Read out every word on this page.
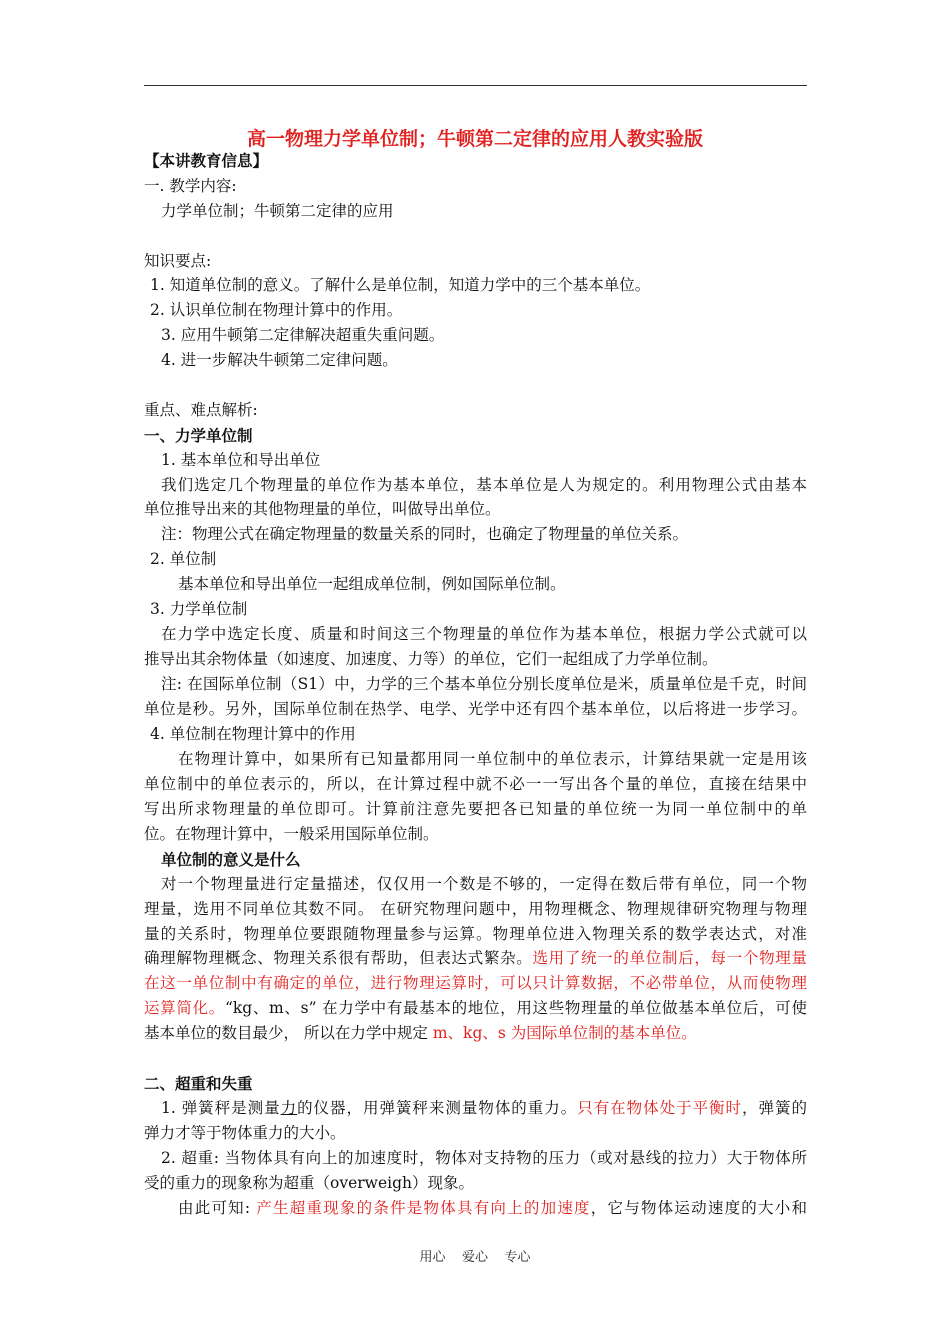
高一物理力学单位制；牛顿第二定律的应用人教实验版
【本讲教育信息】
一. 教学内容:
力学单位制；牛顿第二定律的应用
知识要点:
1. 知道单位制的意义。了解什么是单位制，知道力学中的三个基本单位。
2. 认识单位制在物理计算中的作用。
3. 应用牛顿第二定律解决超重失重问题。
4. 进一步解决牛顿第二定律问题。
重点、难点解析:
一、力学单位制
1. 基本单位和导出单位
我们选定几个物理量的单位作为基本单位，基本单位是人为规定的。利用物理公式由基本
单位推导出来的其他物理量的单位，叫做导出单位。
注：物理公式在确定物理量的数量关系的同时，也确定了物理量的单位关系。
2. 单位制
基本单位和导出单位一起组成单位制，例如国际单位制。
3. 力学单位制
在力学中选定长度、质量和时间这三个物理量的单位作为基本单位，根据力学公式就可以
推导出其余物体量（如速度、加速度、力等）的单位，它们一起组成了力学单位制。
注: 在国际单位制（S1）中，力学的三个基本单位分别长度单位是米，质量单位是千克，时间
单位是秒。另外，国际单位制在热学、电学、光学中还有四个基本单位，以后将进一步学习。
4. 单位制在物理计算中的作用
在物理计算中，如果所有已知量都用同一单位制中的单位表示，计算结果就一定是用该
单位制中的单位表示的，所以，在计算过程中就不必一一写出各个量的单位，直接在结果中
写出所求物理量的单位即可。计算前注意先要把各已知量的单位统一为同一单位制中的单
位。在物理计算中，一般采用国际单位制。
单位制的意义是什么
对一个物理量进行定量描述，仅仅用一个数是不够的，一定得在数后带有单位，同一个物
理量，选用不同单位其数不同。 在研究物理问题中，用物理概念、物理规律研究物理与物理
量的关系时，物理单位要跟随物理量参与运算。物理单位进入物理关系的数学表达式，对准
确理解物理概念、物理关系很有帮助，但表达式繁杂。选用了统一的单位制后，每一个物理量
在这一单位制中有确定的单位，进行物理运算时，可以只计算数据，不必带单位，从而使物理
运算简化。“kg、m、s” 在力学中有最基本的地位，用这些物理量的单位做基本单位后，可使
基本单位的数目最少， 所以在力学中规定 m、kg、s 为国际单位制的基本单位。
二、超重和失重
1. 弹簧秤是测量力的仪器，用弹簧秤来测量物体的重力。只有在物体处于平衡时，弹簧的
弹力才等于物体重力的大小。
2. 超重: 当物体具有向上的加速度时，物体对支持物的压力（或对悬线的拉力）大于物体所
受的重力的现象称为超重（overweigh）现象。
由此可知: 产生超重现象的条件是物体具有向上的加速度，它与物体运动速度的大小和
用心    爱心    专心
